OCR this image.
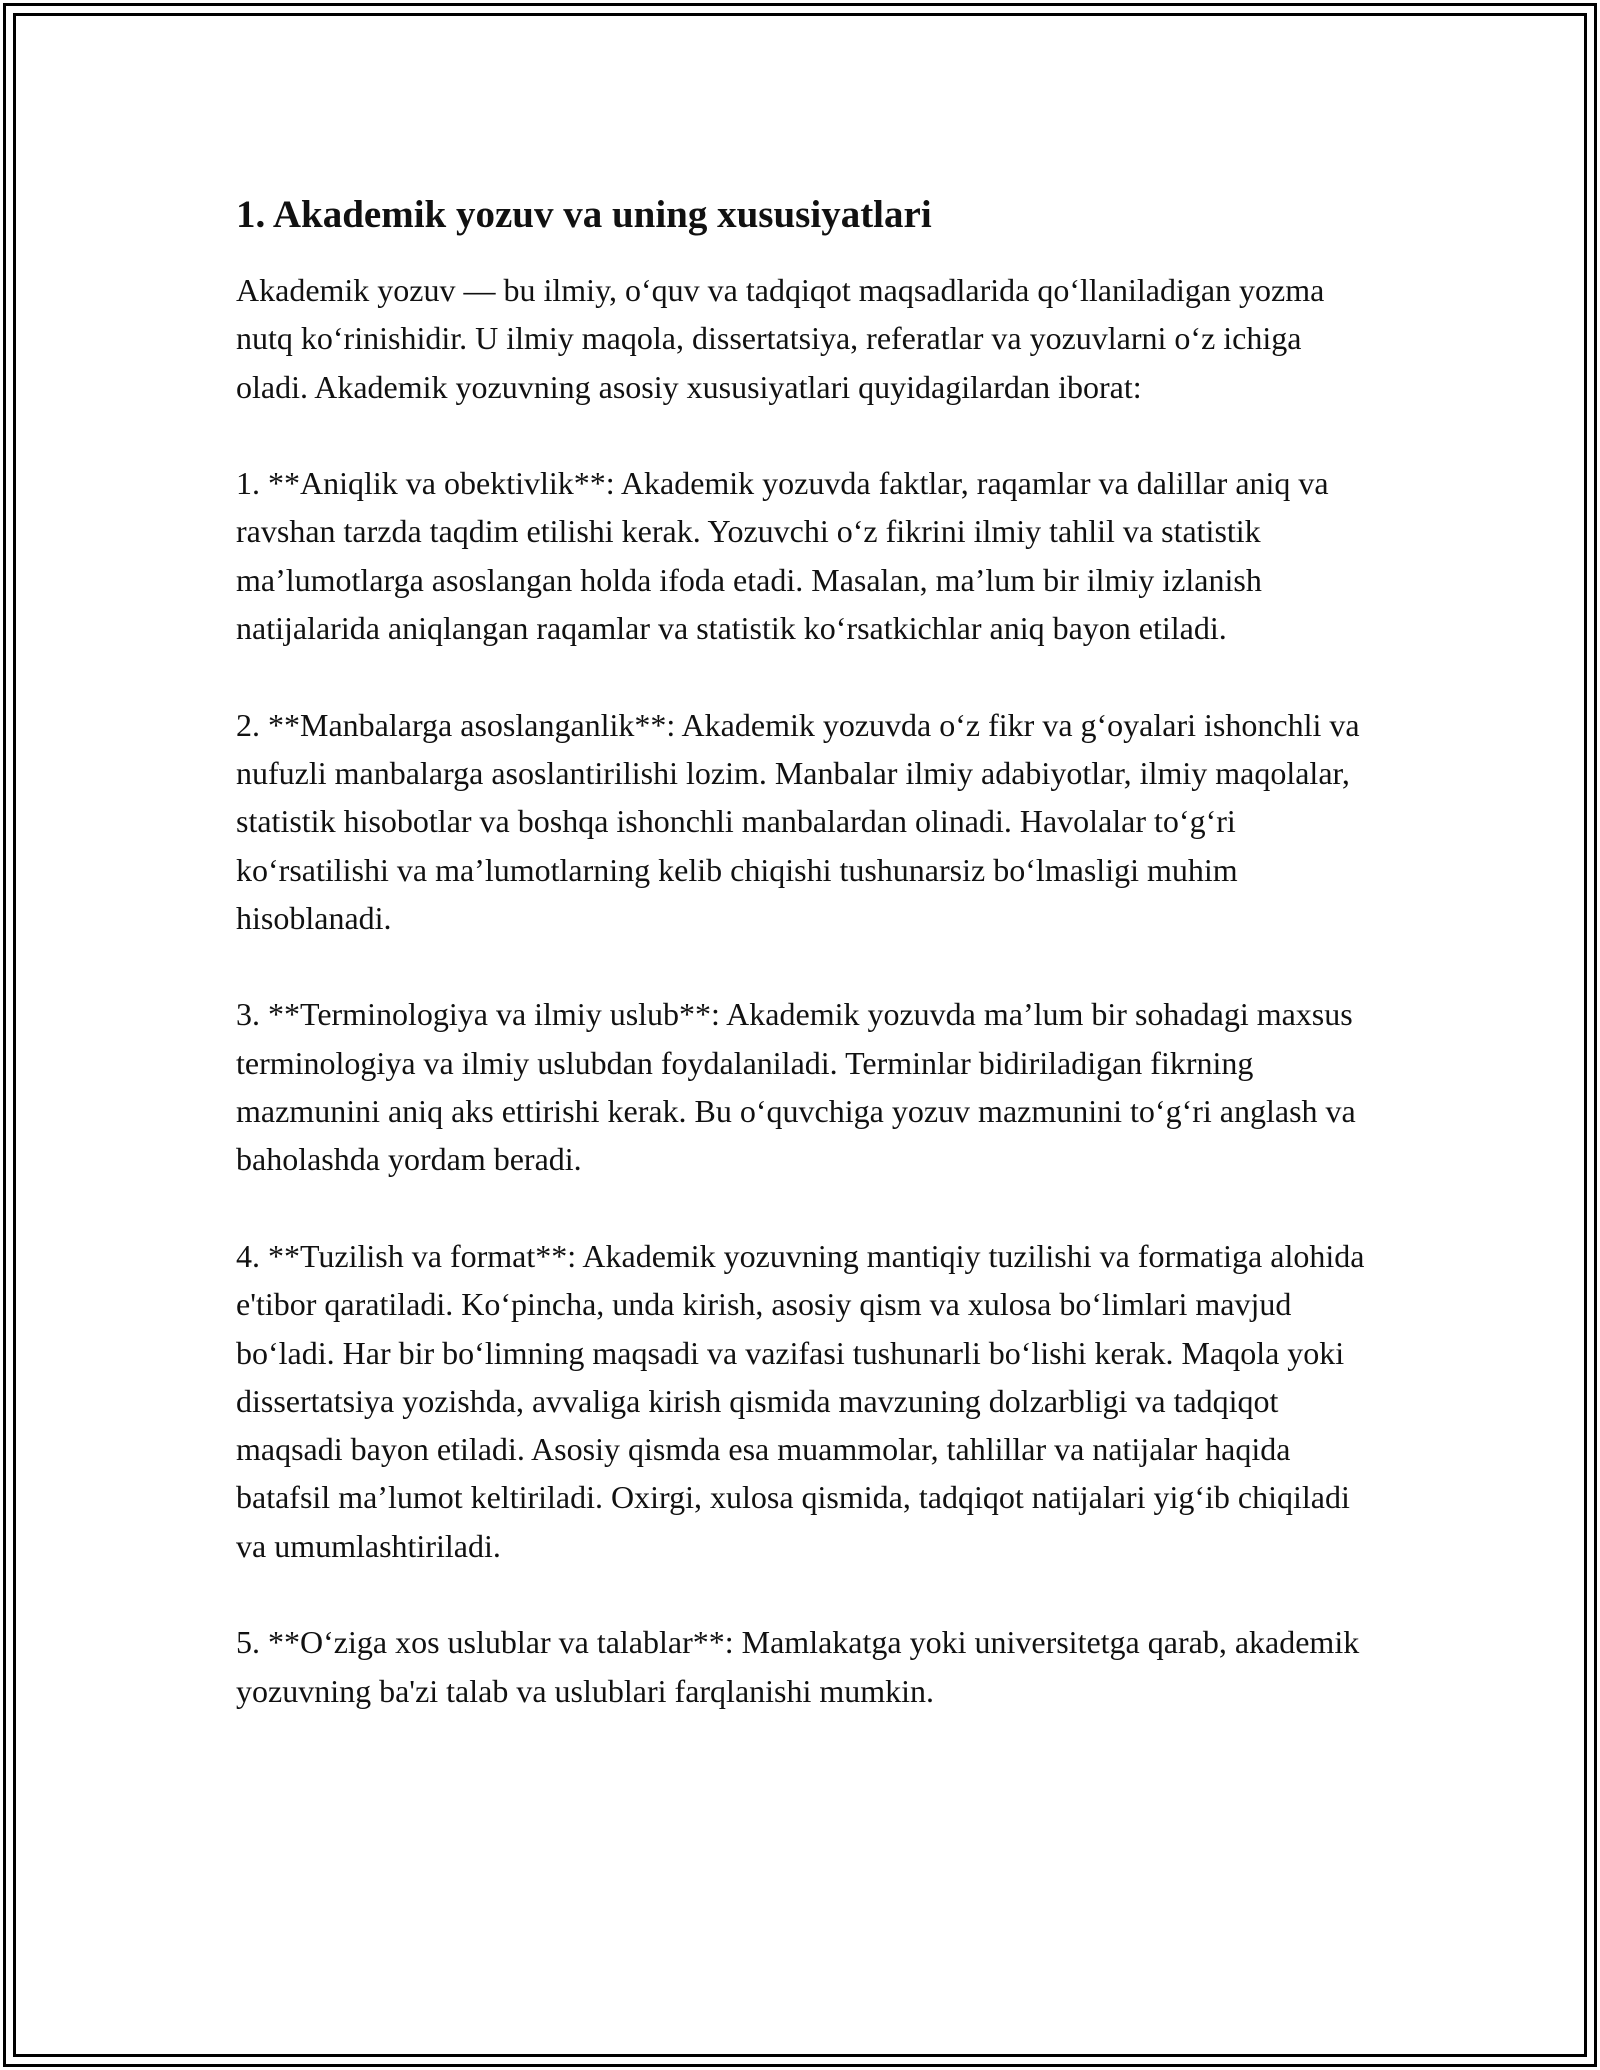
1. Akademik yozuv va uning xususiyatlari

Akademik yozuv — bu ilmiy, o‘quv va tadqiqot maqsadlarida qo‘llaniladigan yozma nutq ko‘rinishidir. U ilmiy maqola, dissertatsiya, referatlar va yozuvlarni o‘z ichiga oladi. Akademik yozuvning asosiy xususiyatlari quyidagilardan iborat:

1. **Aniqlik va obektivlik**: Akademik yozuvda faktlar, raqamlar va dalillar aniq va ravshan tarzda taqdim etilishi kerak. Yozuvchi o‘z fikrini ilmiy tahlil va statistik ma’lumotlarga asoslangan holda ifoda etadi. Masalan, ma’lum bir ilmiy izlanish natijalarida aniqlangan raqamlar va statistik ko‘rsatkichlar aniq bayon etiladi.

2. **Manbalarga asoslanganlik**: Akademik yozuvda o‘z fikr va g‘oyalari ishonchli va nufuzli manbalarga asoslantirilishi lozim. Manbalar ilmiy adabiyotlar, ilmiy maqolalar, statistik hisobotlar va boshqa ishonchli manbalardan olinadi. Havolalar to‘g‘ri ko‘rsatilishi va ma’lumotlarning kelib chiqishi tushunarsiz bo‘lmasligi muhim hisoblanadi.

3. **Terminologiya va ilmiy uslub**: Akademik yozuvda ma’lum bir sohadagi maxsus terminologiya va ilmiy uslubdan foydalaniladi. Terminlar bidiriladigan fikrning mazmunini aniq aks ettirishi kerak. Bu o‘quvchiga yozuv mazmunini to‘g‘ri anglash va baholashda yordam beradi.

4. **Tuzilish va format**: Akademik yozuvning mantiqiy tuzilishi va formatiga alohida e'tibor qaratiladi. Ko‘pincha, unda kirish, asosiy qism va xulosa bo‘limlari mavjud bo‘ladi. Har bir bo‘limning maqsadi va vazifasi tushunarli bo‘lishi kerak. Maqola yoki dissertatsiya yozishda, avvaliga kirish qismida mavzuning dolzarbligi va tadqiqot maqsadi bayon etiladi. Asosiy qismda esa muammolar, tahlillar va natijalar haqida batafsil ma’lumot keltiriladi. Oxirgi, xulosa qismida, tadqiqot natijalari yig‘ib chiqiladi va umumlashtiriladi.

5. **O‘ziga xos uslublar va talablar**: Mamlakatga yoki universitetga qarab, akademik yozuvning ba'zi talab va uslublari farqlanishi mumkin.
